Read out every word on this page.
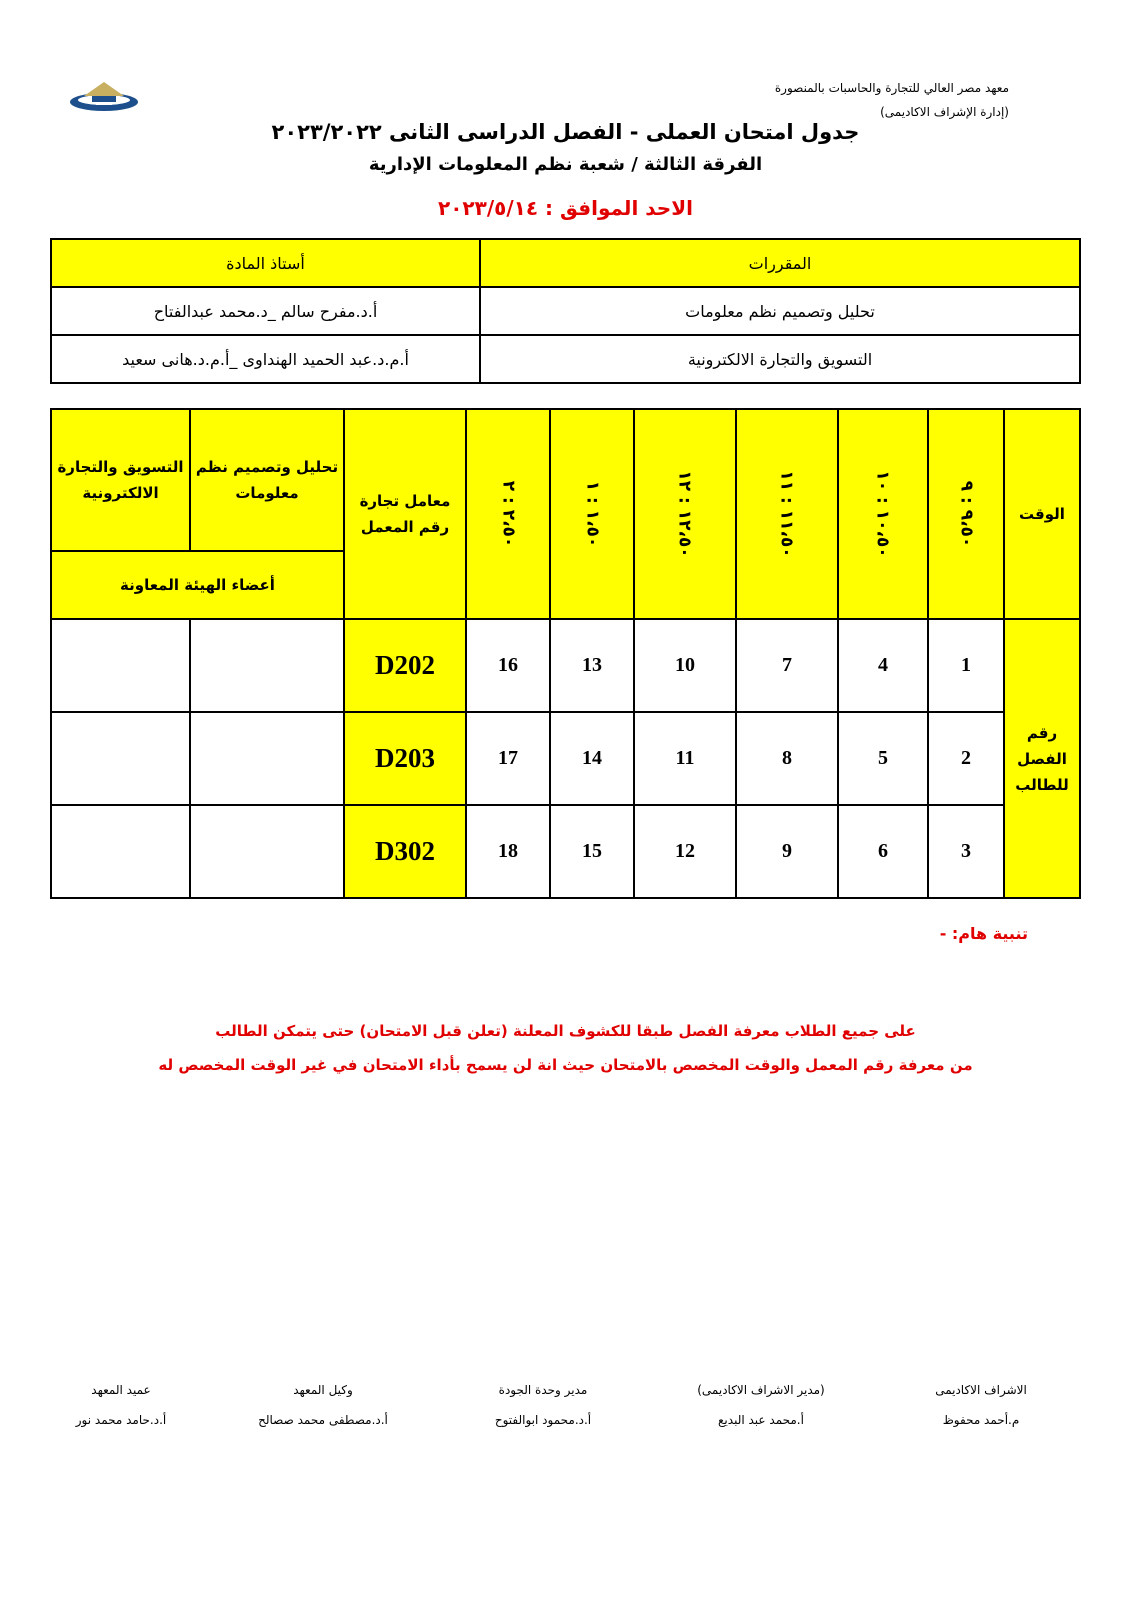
معهد مصر العالي للتجارة والحاسبات بالمنصورة
(إدارة الإشراف الاكاديمى)
جدول امتحان العملى - الفصل الدراسى الثانى ٢٠٢٣/٢٠٢٢
الفرقة الثالثة / شعبة نظم المعلومات الإدارية
الاحد الموافق : ٢٠٢٣/٥/١٤
المقررات	أستاذ المادة
تحليل وتصميم نظم معلومات	أ.د.مفرح سالم _د.محمد عبدالفتاح
التسويق والتجارة الالكترونية	أ.م.د.عبد الحميد الهنداوى _أ.م.د.هانى سعيد
الوقت	٩،٥٠ : ٩	١٠،٥٠ : ١٠	١١،٥٠ : ١١	١٢،٥٠ : ١٢	١،٥٠ : ١	٢،٥٠ : ٢	معامل تجارة رقم المعمل	تحليل وتصميم نظم معلومات	التسويق والتجارة الالكترونية
								أعضاء الهيئة المعاونة	
رقم الفصل للطالب	1	4	7	10	13	16	D202		
	2	5	8	11	14	17	D203		
	3	6	9	12	15	18	D302		
تنبية هام: -
على جميع الطلاب معرفة الفصل طبقا للكشوف المعلنة (تعلن قبل الامتحان) حتى يتمكن الطالب
من معرفة رقم المعمل والوقت المخصص بالامتحان حيث انة لن يسمح بأداء الامتحان في غير الوقت المخصص له
الاشراف الاكاديمى
م.أحمد محفوظ
(مدير الاشراف الاكاديمى)
أ.محمد عبد البديع
مدير وحدة الجودة
أ.د.محمود ابوالفتوح
وكيل المعهد
أ.د.مصطفى محمد صصالح
عميد المعهد
أ.د.حامد محمد نور
